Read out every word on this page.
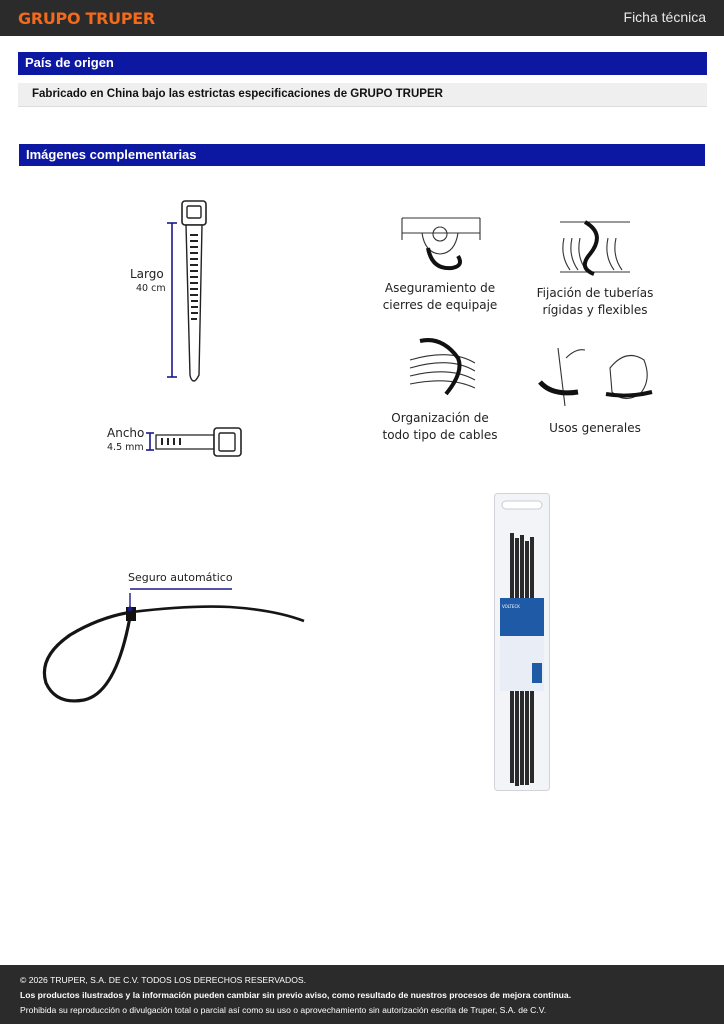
GRUPO TRUPER	Ficha técnica
País de origen
Fabricado en China bajo las estrictas especificaciones de GRUPO TRUPER
Imágenes complementarias
Largo
40 cm
Ancho
4.5 mm
Aseguramiento de
cierres de equipaje
Fijación de tuberías
rígidas y flexibles
Organización de
todo tipo de cables	Usos generales
Seguro automático
VOLTECK
© 2026 TRUPER, S.A. DE C.V. TODOS LOS DERECHOS RESERVADOS.
Los productos ilustrados y la información pueden cambiar sin previo aviso, como resultado de nuestros procesos de mejora continua.
Prohibida su reproducción o divulgación total o parcial así como su uso o aprovechamiento sin autorización escrita de Truper, S.A. de C.V.
